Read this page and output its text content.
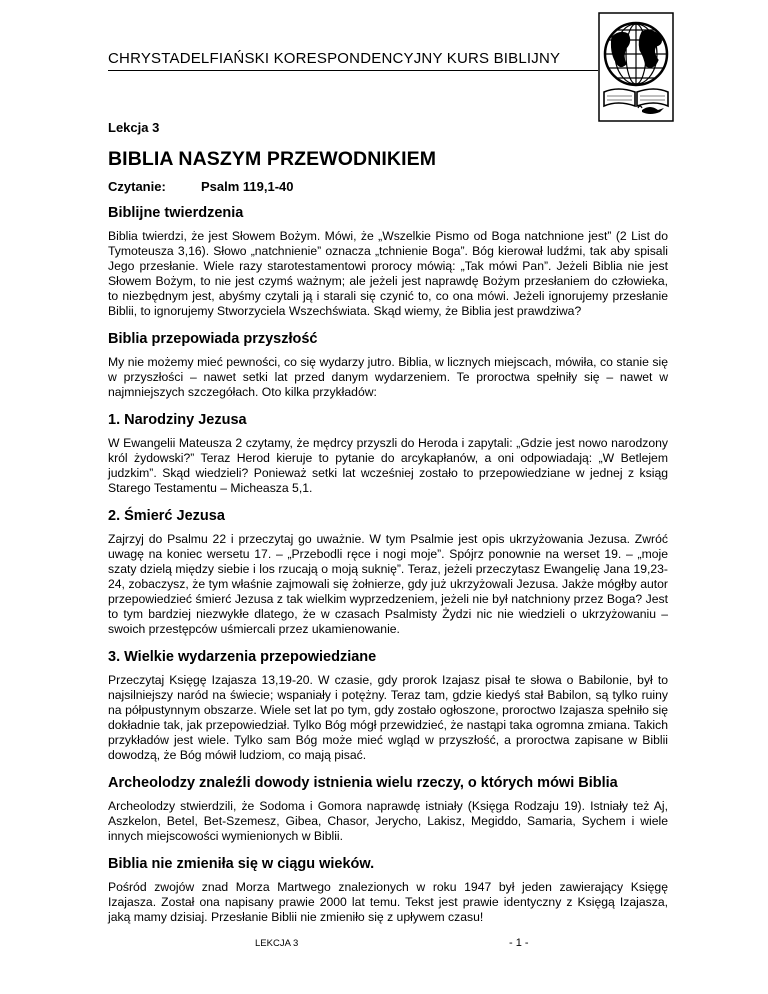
CHRYSTADELFIAŃSKI KORESPONDENCYJNY KURS BIBLIJNY
Lekcja 3
BIBLIA NASZYM PRZEWODNIKIEM
Czytanie:	Psalm 119,1-40
Biblijne twierdzenia

Biblia twierdzi, że jest Słowem Bożym. Mówi, że „Wszelkie Pismo od Boga natchnione jest” (2 List do Tymoteusza 3,16). Słowo „natchnienie” oznacza „tchnienie Boga”. Bóg kierował ludźmi, tak aby spisali Jego przesłanie. Wiele razy starotestamentowi prorocy mówią: „Tak mówi Pan”. Jeżeli Biblia nie jest Słowem Bożym, to nie jest czymś ważnym; ale jeżeli jest naprawdę Bożym przesłaniem do człowieka, to niezbędnym jest, abyśmy czytali ją i starali się czynić to, co ona mówi. Jeżeli ignorujemy przesłanie Biblii, to ignorujemy Stworzyciela Wszechświata. Skąd wiemy, że Biblia jest prawdziwa?

Biblia przepowiada przyszłość

My nie możemy mieć pewności, co się wydarzy jutro. Biblia, w licznych miejscach, mówiła, co stanie się w przyszłości – nawet setki lat przed danym wydarzeniem. Te proroctwa spełniły się – nawet w najmniejszych szczegółach. Oto kilka przykładów:

1. Narodziny Jezusa

W Ewangelii Mateusza 2 czytamy, że mędrcy przyszli do Heroda i zapytali: „Gdzie jest nowo narodzony król żydowski?” Teraz Herod kieruje to pytanie do arcykapłanów, a oni odpowiadają: „W Betlejem judzkim”. Skąd wiedzieli? Ponieważ setki lat wcześniej zostało to przepowiedziane w jednej z ksiąg Starego Testamentu – Micheasza 5,1.

2. Śmierć Jezusa

Zajrzyj do Psalmu 22 i przeczytaj go uważnie. W tym Psalmie jest opis ukrzyżowania Jezusa. Zwróć uwagę na koniec wersetu 17. – „Przebodli ręce i nogi moje”. Spójrz ponownie na werset 19. – „moje szaty dzielą między siebie i los rzucają o moją suknię”. Teraz, jeżeli przeczytasz Ewangelię Jana 19,23-24, zobaczysz, że tym właśnie zajmowali się żołnierze, gdy już ukrzyżowali Jezusa. Jakże mógłby autor przepowiedzieć śmierć Jezusa z tak wielkim wyprzedzeniem, jeżeli nie był natchniony przez Boga? Jest to tym bardziej niezwykłe dlatego, że w czasach Psalmisty Żydzi nic nie wiedzieli o ukrzyżowaniu – swoich przestępców uśmiercali przez ukamienowanie.

3. Wielkie wydarzenia przepowiedziane

Przeczytaj Księgę Izajasza 13,19-20. W czasie, gdy prorok Izajasz pisał te słowa o Babilonie, był to najsilniejszy naród na świecie; wspaniały i potężny. Teraz tam, gdzie kiedyś stał Babilon, są tylko ruiny na półpustynnym obszarze. Wiele set lat po tym, gdy zostało ogłoszone, proroctwo Izajasza spełniło się dokładnie tak, jak przepowiedział. Tylko Bóg mógł przewidzieć, że nastąpi taka ogromna zmiana. Takich przykładów jest wiele. Tylko sam Bóg może mieć wgląd w przyszłość, a proroctwa zapisane w Biblii dowodzą, że Bóg mówił ludziom, co mają pisać.

Archeolodzy znaleźli dowody istnienia wielu rzeczy, o których mówi Biblia

Archeolodzy stwierdzili, że Sodoma i Gomora naprawdę istniały (Księga Rodzaju 19). Istniały też Aj, Aszkelon, Betel, Bet-Szemesz, Gibea, Chasor, Jerycho, Lakisz, Megiddo, Samaria, Sychem i wiele innych miejscowości wymienionych w Biblii.

Biblia nie zmieniła się w ciągu wieków.

Pośród zwojów znad Morza Martwego znalezionych w roku 1947 był jeden zawierający Księgę Izajasza. Został ona napisany prawie 2000 lat temu. Tekst jest prawie identyczny z Księgą Izajasza, jaką mamy dzisiaj. Przesłanie Biblii nie zmieniło się z upływem czasu!

LEKCJA 3	- 1 -
